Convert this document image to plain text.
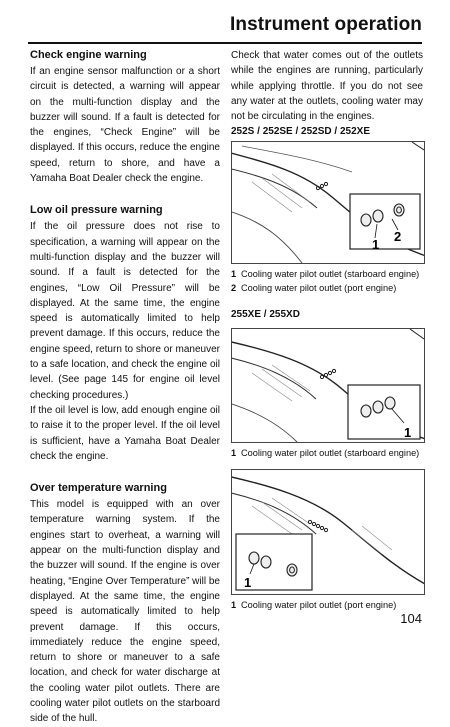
Instrument operation
Check engine warning

If an engine sensor malfunction or a short circuit is detected, a warning will appear on the multi-function display and the buzzer will sound. If a fault is detected for the engines, “Check Engine” will be displayed. If this occurs, reduce the engine speed, return to shore, and have a Yamaha Boat Dealer check the engine.

Low oil pressure warning

If the oil pressure does not rise to specification, a warning will appear on the multi-function display and the buzzer will sound. If a fault is detected for the engines, “Low Oil Pressure” will be displayed. At the same time, the engine speed is automatically limited to help prevent damage. If this occurs, reduce the engine speed, return to shore or maneuver to a safe location, and check the engine oil level. (See page 145 for engine oil level checking procedures.)

If the oil level is low, add enough engine oil to raise it to the proper level. If the oil level is sufficient, have a Yamaha Boat Dealer check the engine.

Over temperature warning

This model is equipped with an over temperature warning system. If the engines start to overheat, a warning will appear on the multi-function display and the buzzer will sound. If the engine is over heating, “Engine Over Temperature” will be displayed. At the same time, the engine speed is automatically limited to help prevent damage. If this occurs, immediately reduce the engine speed, return to shore or maneuver to a safe location, and check for water discharge at the cooling water pilot outlets. There are cooling water pilot outlets on the starboard side of the hull.

Check that water comes out of the outlets while the engines are running, particularly while applying throttle. If you do not see any water at the outlets, cooling water may not be circulating in the engines.

252S / 252SE / 252SD / 252XE
1
2
1 Cooling water pilot outlet (starboard engine)
2 Cooling water pilot outlet (port engine)
255XE / 255XD
1
1 Cooling water pilot outlet (starboard engine)
1
1 Cooling water pilot outlet (port engine)
104
